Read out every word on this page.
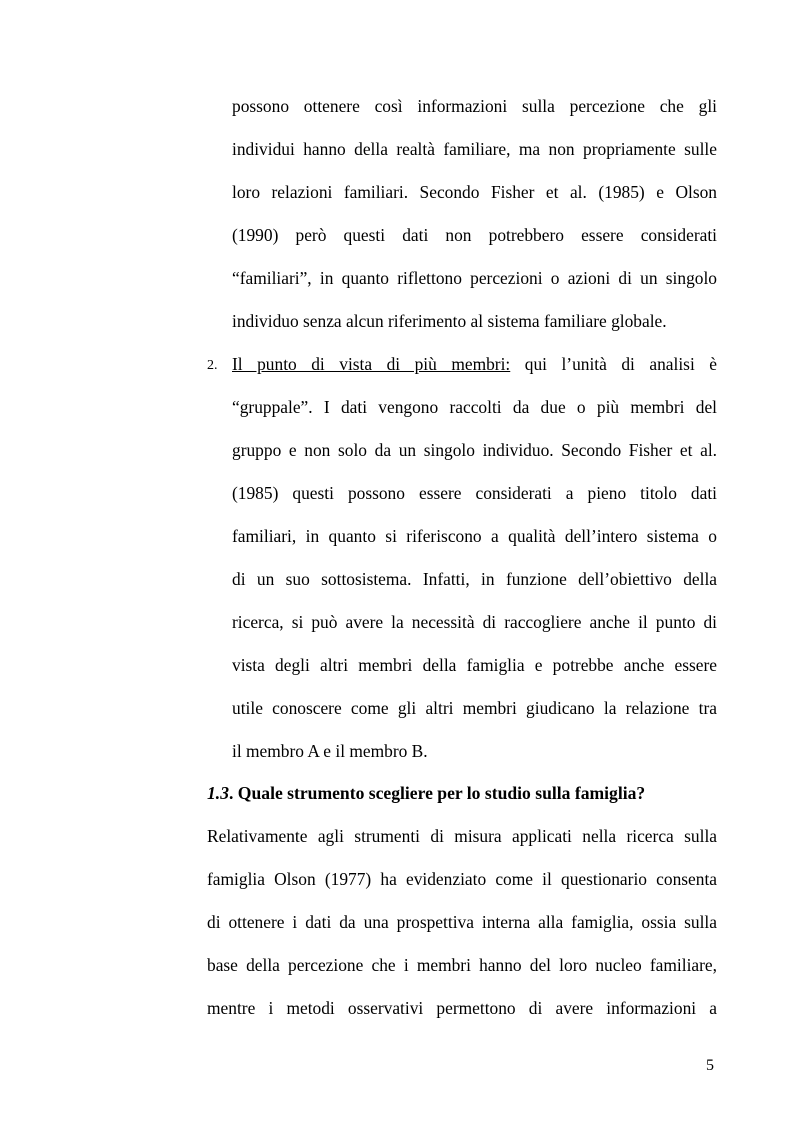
possono ottenere così informazioni sulla percezione che gli
individui hanno della realtà familiare, ma non propriamente sulle
loro relazioni familiari. Secondo Fisher et al. (1985) e Olson
(1990) però questi dati non potrebbero essere considerati
“familiari”, in quanto riflettono percezioni o azioni di un singolo
individuo senza alcun riferimento al sistema familiare globale.
2. Il punto di vista di più membri: qui l’unità di analisi è
“gruppale”. I dati vengono raccolti da due o più membri del
gruppo e non solo da un singolo individuo. Secondo Fisher et al.
(1985) questi possono essere considerati a pieno titolo dati
familiari, in quanto si riferiscono a qualità dell’intero sistema o
di un suo sottosistema. Infatti, in funzione dell’obiettivo della
ricerca, si può avere la necessità di raccogliere anche il punto di
vista degli altri membri della famiglia e potrebbe anche essere
utile conoscere come gli altri membri giudicano la relazione tra
il membro A e il membro B.
1.3. Quale strumento scegliere per lo studio sulla famiglia?
Relativamente agli strumenti di misura applicati nella ricerca sulla
famiglia Olson (1977) ha evidenziato come il questionario consenta
di ottenere i dati da una prospettiva interna alla famiglia, ossia sulla
base della percezione che i membri hanno del loro nucleo familiare,
mentre i metodi osservativi permettono di avere informazioni a
5
